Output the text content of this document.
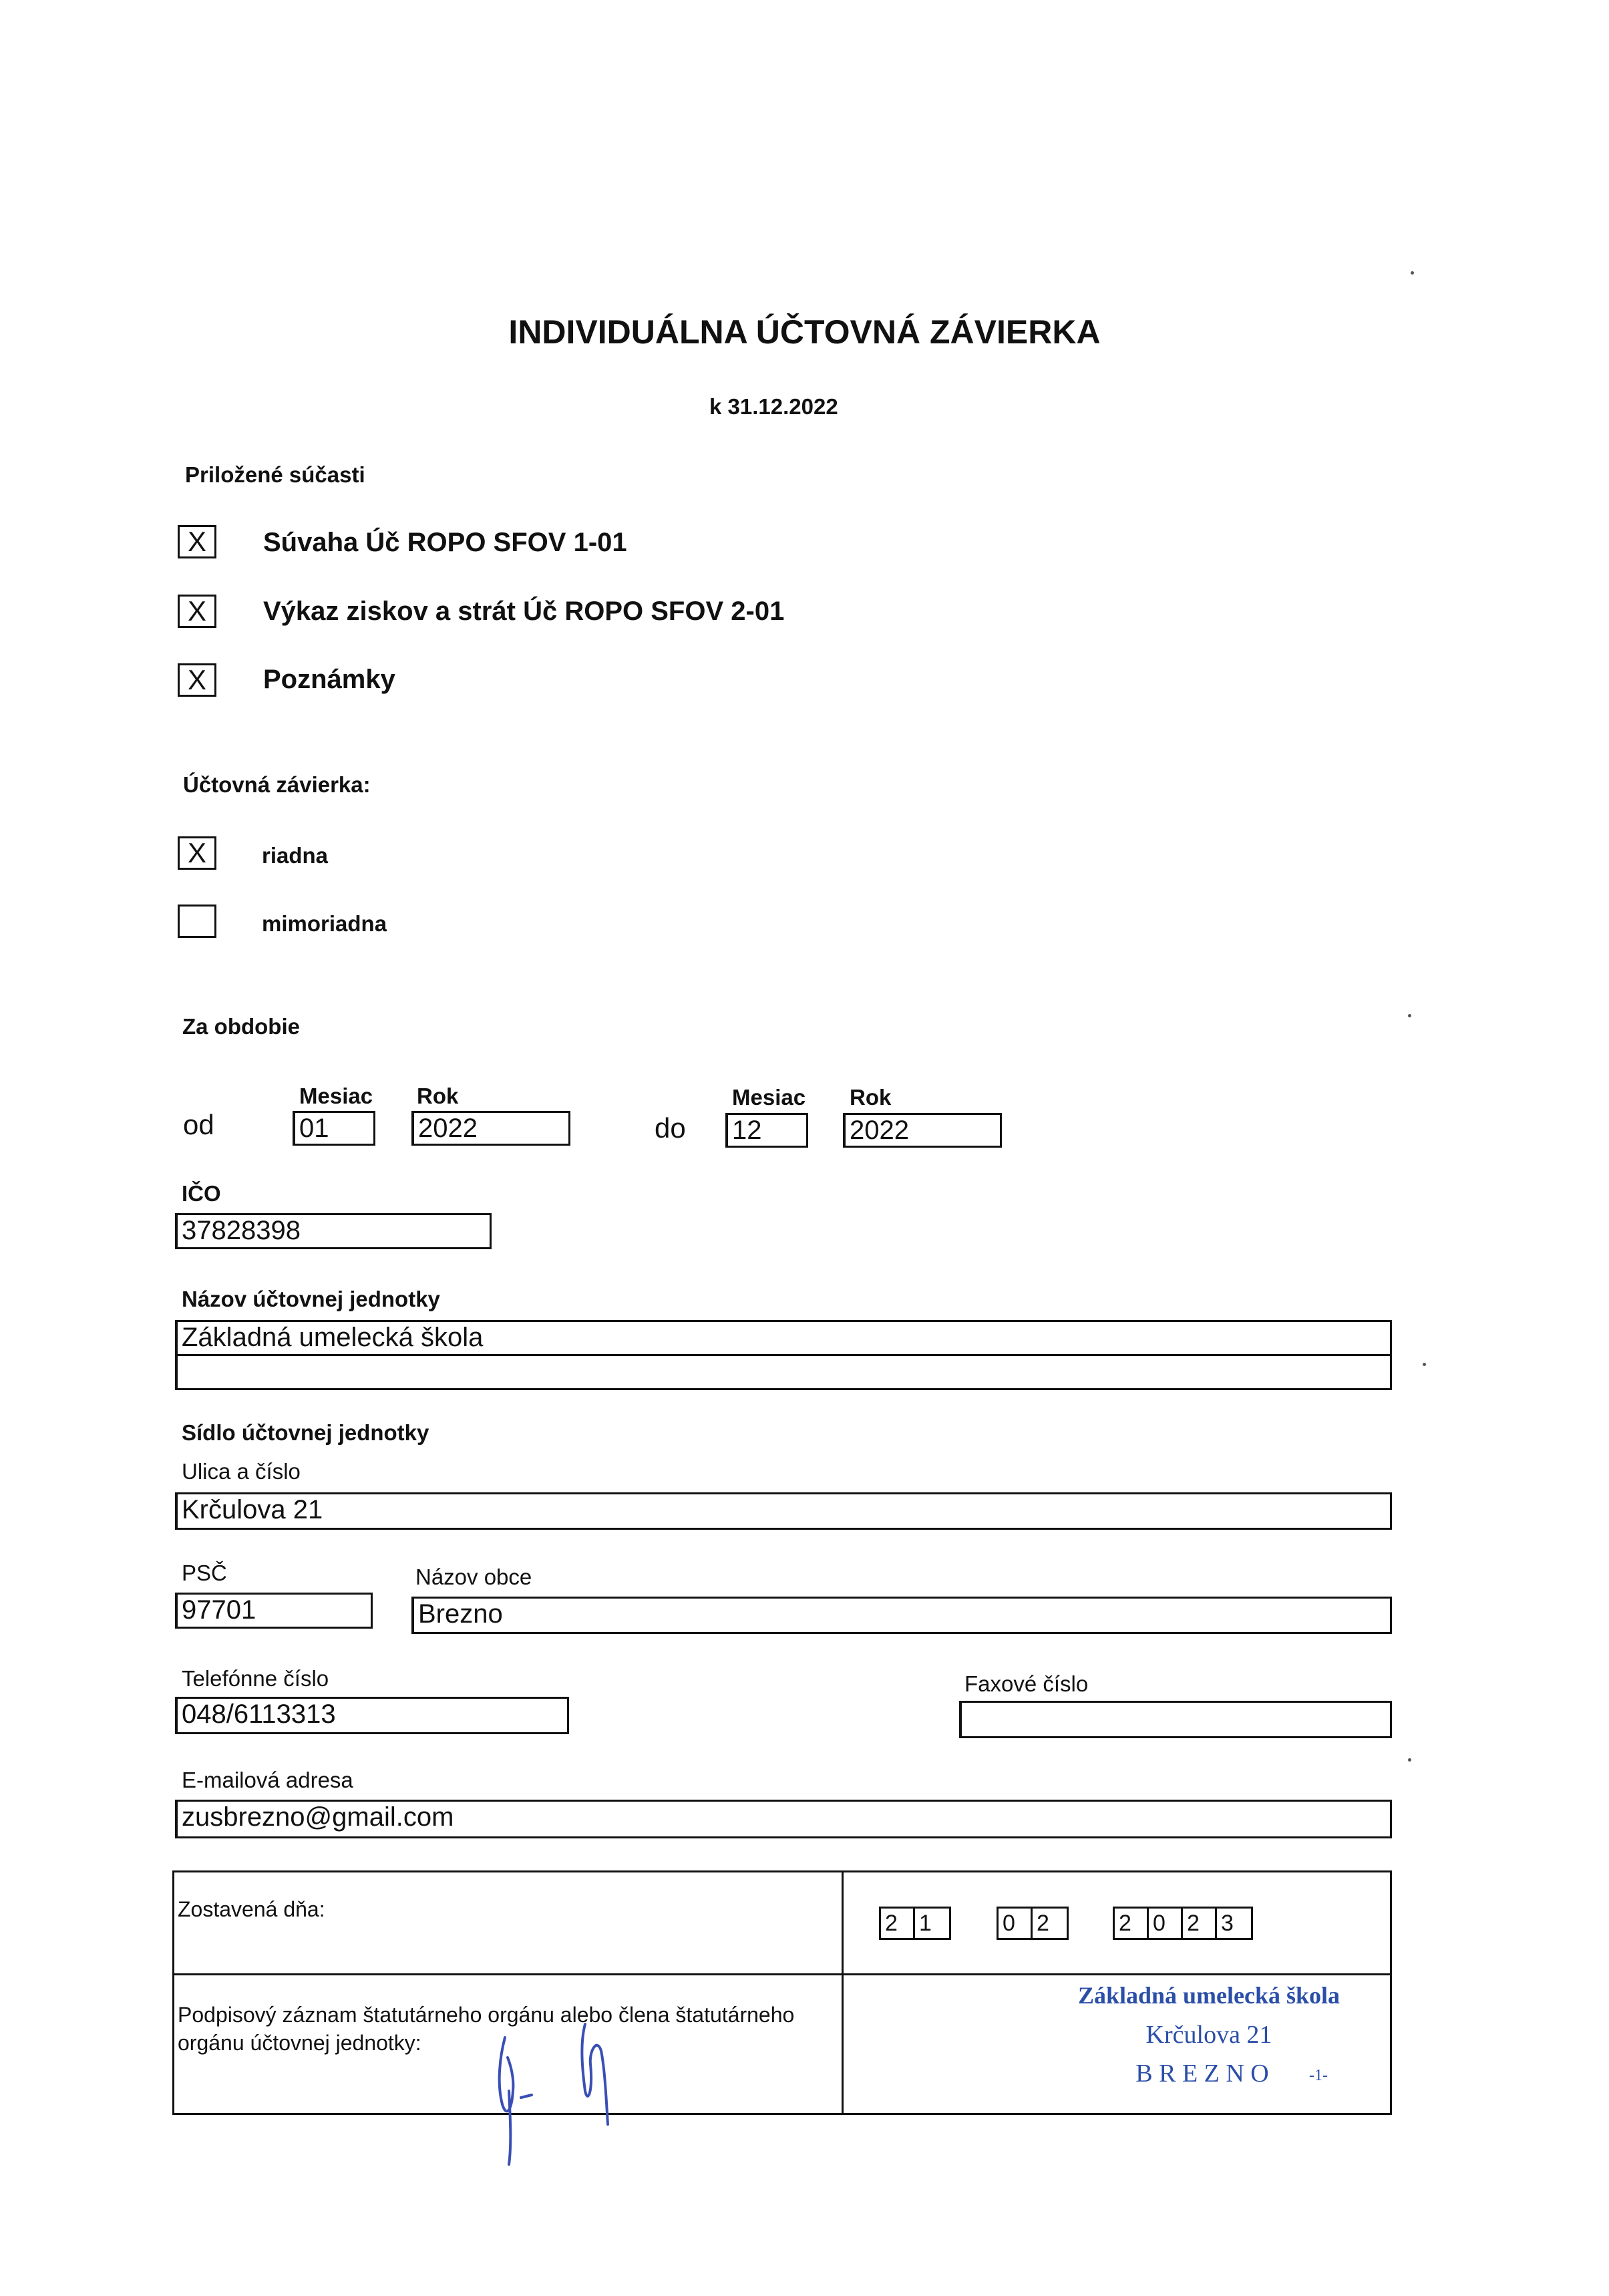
INDIVIDUÁLNA ÚČTOVNÁ ZÁVIERKA
k 31.12.2022
Priložené súčasti
X	Súvaha Úč ROPO SFOV 1-01
X	Výkaz ziskov a strát Úč ROPO SFOV 2-01
X	Poznámky
Účtovná závierka:
X	riadna
mimoriadna
Za obdobie
Mesiac Rok	Mesiac Rok
od	01	2022	do 12	2022
IČO
37828398
Názov účtovnej jednotky
Základná umelecká škola
Sídlo účtovnej jednotky
Ulica a číslo
Krčulova 21
PSČ
97701
Názov obce
Brezno
Telefónne číslo
048/6113313
Faxové číslo
E-mailová adresa
zusbrezno@gmail.com
Zostavená dňa:
2 1	0 2	2 0 2 3
Podpisový záznam štatutárneho orgánu alebo člena štatutárneho
orgánu účtovnej jednotky:
Základná umelecká škola
Krčulova 21
B R E Z N O	-1-
